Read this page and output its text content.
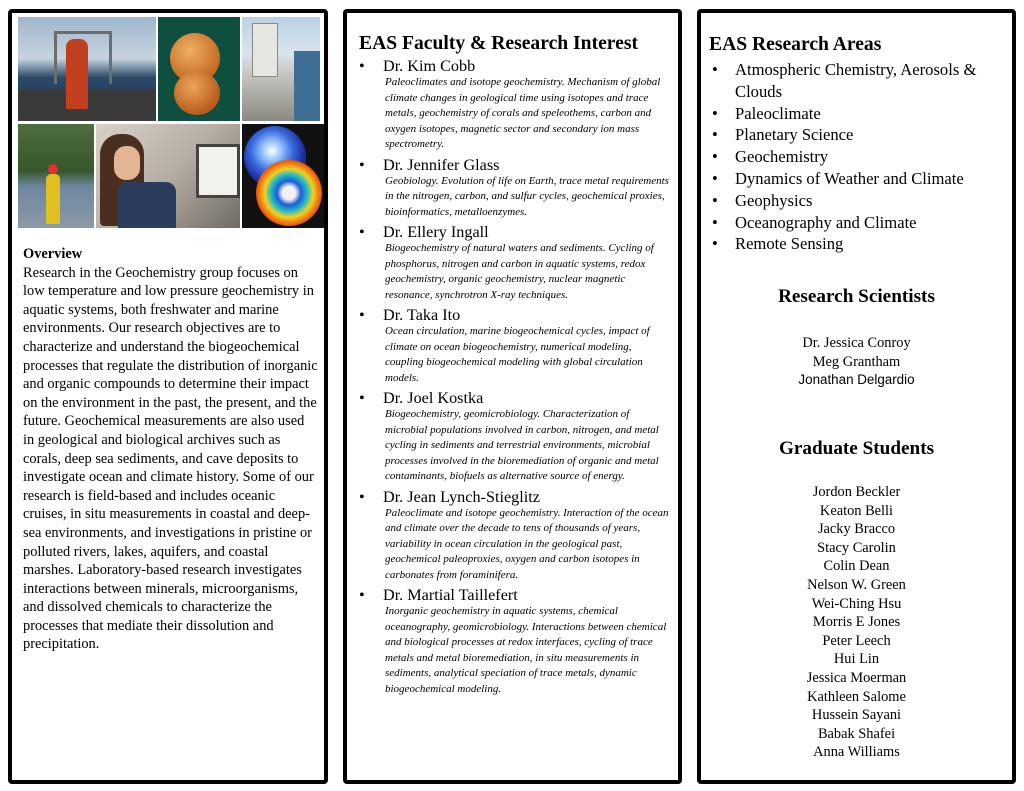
Overview
Research in the Geochemistry group focuses on low temperature and low pressure geochemistry in aquatic systems, both freshwater and marine environments. Our research objectives are to characterize and understand the biogeochemical processes that regulate the distribution of inorganic and organic compounds to determine their impact on the environment in the past, the present, and the future. Geochemical measurements are also used in geological and biological archives such as corals, deep sea sediments, and cave deposits to investigate ocean and climate history. Some of our research is field-based and includes oceanic cruises, in situ measurements in coastal and deep-sea environments, and investigations in pristine or polluted rivers, lakes, aquifers, and coastal marshes. Laboratory-based research investigates interactions between minerals, microorganisms, and dissolved chemicals to characterize the processes that mediate their dissolution and precipitation.
EAS Faculty & Research Interest
• Dr. Kim Cobb
Paleoclimates and isotope geochemistry. Mechanism of global climate changes in geological time using isotopes and trace metals, geochemistry of corals and speleothems, carbon and oxygen isotopes, magnetic sector and secondary ion mass spectrometry.
• Dr. Jennifer Glass
Geobiology. Evolution of life on Earth, trace metal requirements in the nitrogen, carbon, and sulfur cycles, geochemical proxies, bioinformatics, metalloenzymes.
• Dr. Ellery Ingall
Biogeochemistry of natural waters and sediments. Cycling of phosphorus, nitrogen and carbon in aquatic systems, redox geochemistry, organic geochemistry, nuclear magnetic resonance, synchrotron X-ray techniques.
• Dr. Taka Ito
Ocean circulation, marine biogeochemical cycles, impact of climate on ocean biogeochemistry, numerical modeling, coupling biogeochemical modeling with global circulation models.
• Dr. Joel Kostka
Biogeochemistry, geomicrobiology. Characterization of microbial populations involved in carbon, nitrogen, and metal cycling in sediments and terrestrial environments, microbial processes involved in the bioremediation of organic and metal contaminants, biofuels as alternative source of energy.
• Dr. Jean Lynch-Stieglitz
Paleoclimate and isotope geochemistry. Interaction of the ocean and climate over the decade to tens of thousands of years, variability in ocean circulation in the geological past, geochemical paleoproxies, oxygen and carbon isotopes in carbonates from foraminifera.
• Dr. Martial Taillefert
Inorganic geochemistry in aquatic systems, chemical oceanography, geomicrobiology. Interactions between chemical and biological processes at redox interfaces, cycling of trace metals and metal bioremediation, in situ measurements in sediments, analytical speciation of trace metals, dynamic biogeochemical modeling.
EAS Research Areas
• Atmospheric Chemistry, Aerosols & Clouds
• Paleoclimate
• Planetary Science
• Geochemistry
• Dynamics of Weather and Climate
• Geophysics
• Oceanography and Climate
• Remote Sensing
Research Scientists
Dr. Jessica Conroy
Meg Grantham
Jonathan Delgardio
Graduate Students
Jordon Beckler
Keaton Belli
Jacky Bracco
Stacy Carolin
Colin Dean
Nelson W. Green
Wei-Ching Hsu
Morris E Jones
Peter Leech
Hui Lin
Jessica Moerman
Kathleen Salome
Hussein Sayani
Babak Shafei
Anna Williams
